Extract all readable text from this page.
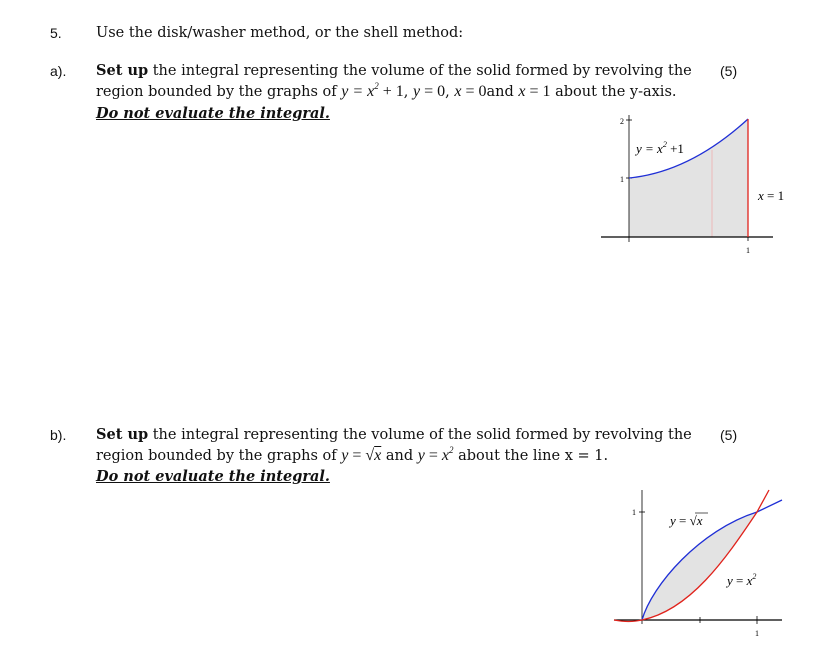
5. Use the disk/washer method, or the shell method:
a).	(5)
Set up the integral representing the volume of the solid formed by revolving the
region bounded by the graphs of $y = x^2 + 1$, y = 0, x = 0and x = 1 about the y-axis.
Do not evaluate the integral.	2
1
1
$y = x^2 +1$
x = 1
b).	(5)
Set up the integral representing the volume of the solid formed by revolving the
region bounded by the graphs of y = √x and $y = x^2$ about the line x = 1.
Do not evaluate the integral.
1
1
y = √x
$y = x^2$
